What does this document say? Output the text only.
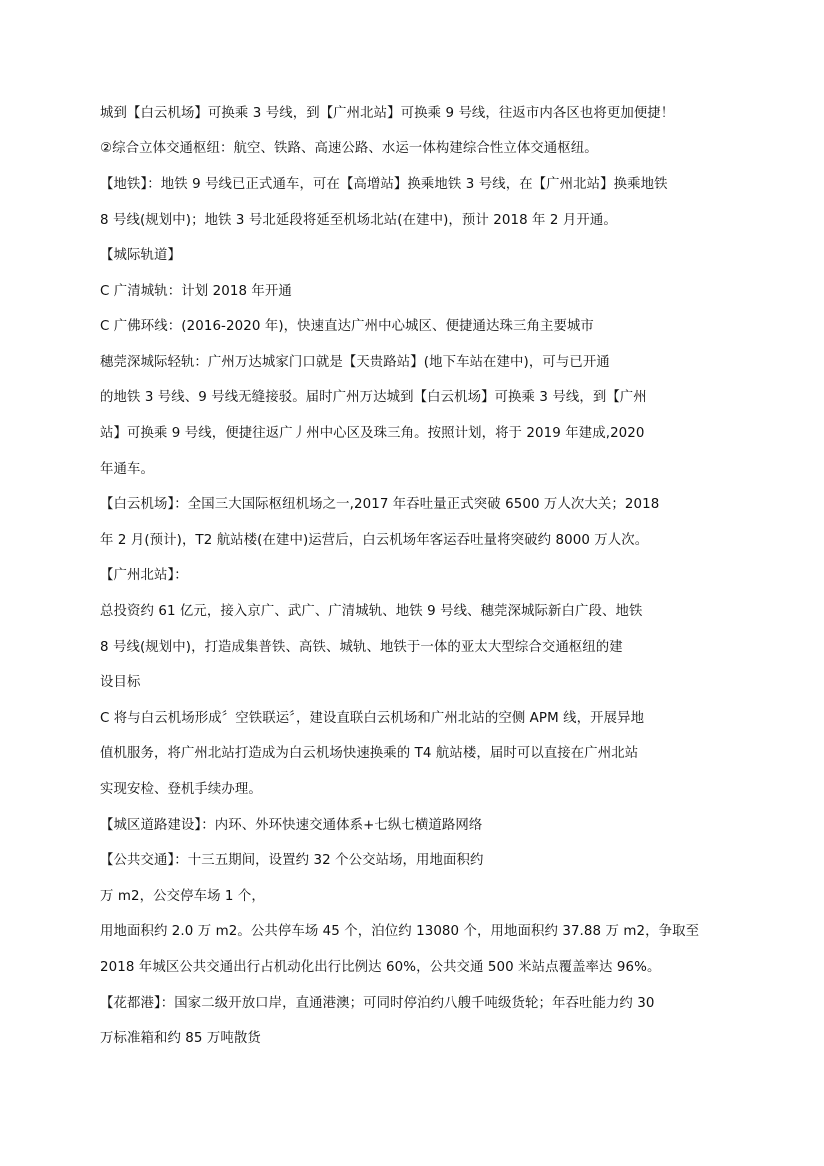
城到【白云机场】可换乘 3 号线，到【广州北站】可换乘 9 号线，往返市内各区也将更加便捷！
②综合立体交通枢纽：航空、铁路、高速公路、水运一体构建综合性立体交通枢纽。
【地铁】：地铁 9 号线已正式通车，可在【高增站】换乘地铁 3 号线，在【广州北站】换乘地铁
8 号线(规划中)；地铁 3 号北延段将延至机场北站(在建中)，预计 2018 年 2 月开通。
【城际轨道】
C 广清城轨：计划 2018 年开通
C 广佛环线：(2016-2020 年)，快速直达广州中心城区、便捷通达珠三角主要城市
穗莞深城际轻轨：广州万达城家门口就是【天贵路站】(地下车站在建中)，可与已开通
的地铁 3 号线、9 号线无缝接驳。届时广州万达城到【白云机场】可换乘 3 号线，到【广州
站】可换乘 9 号线，便捷往返广丿州中心区及珠三角。按照计划，将于 2019 年建成,2020
年通车。
【白云机场】：全国三大国际枢纽机场之一,2017 年吞吐量正式突破 6500 万人次大关；2018
年 2 月(预计)，T2 航站楼(在建中)运营后，白云机场年客运吞吐量将突破约 8000 万人次。
【广州北站】：
总投资约 61 亿元，接入京广、武广、广清城轨、地铁 9 号线、穗莞深城际新白广段、地铁
8 号线(规划中)，打造成集普铁、高铁、城轨、地铁于一体的亚太大型综合交通枢纽的建
设目标
C 将与白云机场形成〞空铁联运〞，建设直联白云机场和广州北站的空侧 APM 线，开展异地
值机服务，将广州北站打造成为白云机场快速换乘的 T4 航站楼，届时可以直接在广州北站
实现安检、登机手续办理。
【城区道路建设】：内环、外环快速交通体系+七纵七横道路网络
【公共交通】：十三五期间，设置约 32 个公交站场，用地面积约
万 m2，公交停车场 1 个，
用地面积约 2.0 万 m2。公共停车场 45 个，泊位约 13080 个，用地面积约 37.88 万 m2，争取至
2018 年城区公共交通出行占机动化出行比例达 60%，公共交通 500 米站点覆盖率达 96%。
【花都港】：国家二级开放口岸，直通港澳；可同时停泊约八艘千吨级货轮；年吞吐能力约 30
万标准箱和约 85 万吨散货
